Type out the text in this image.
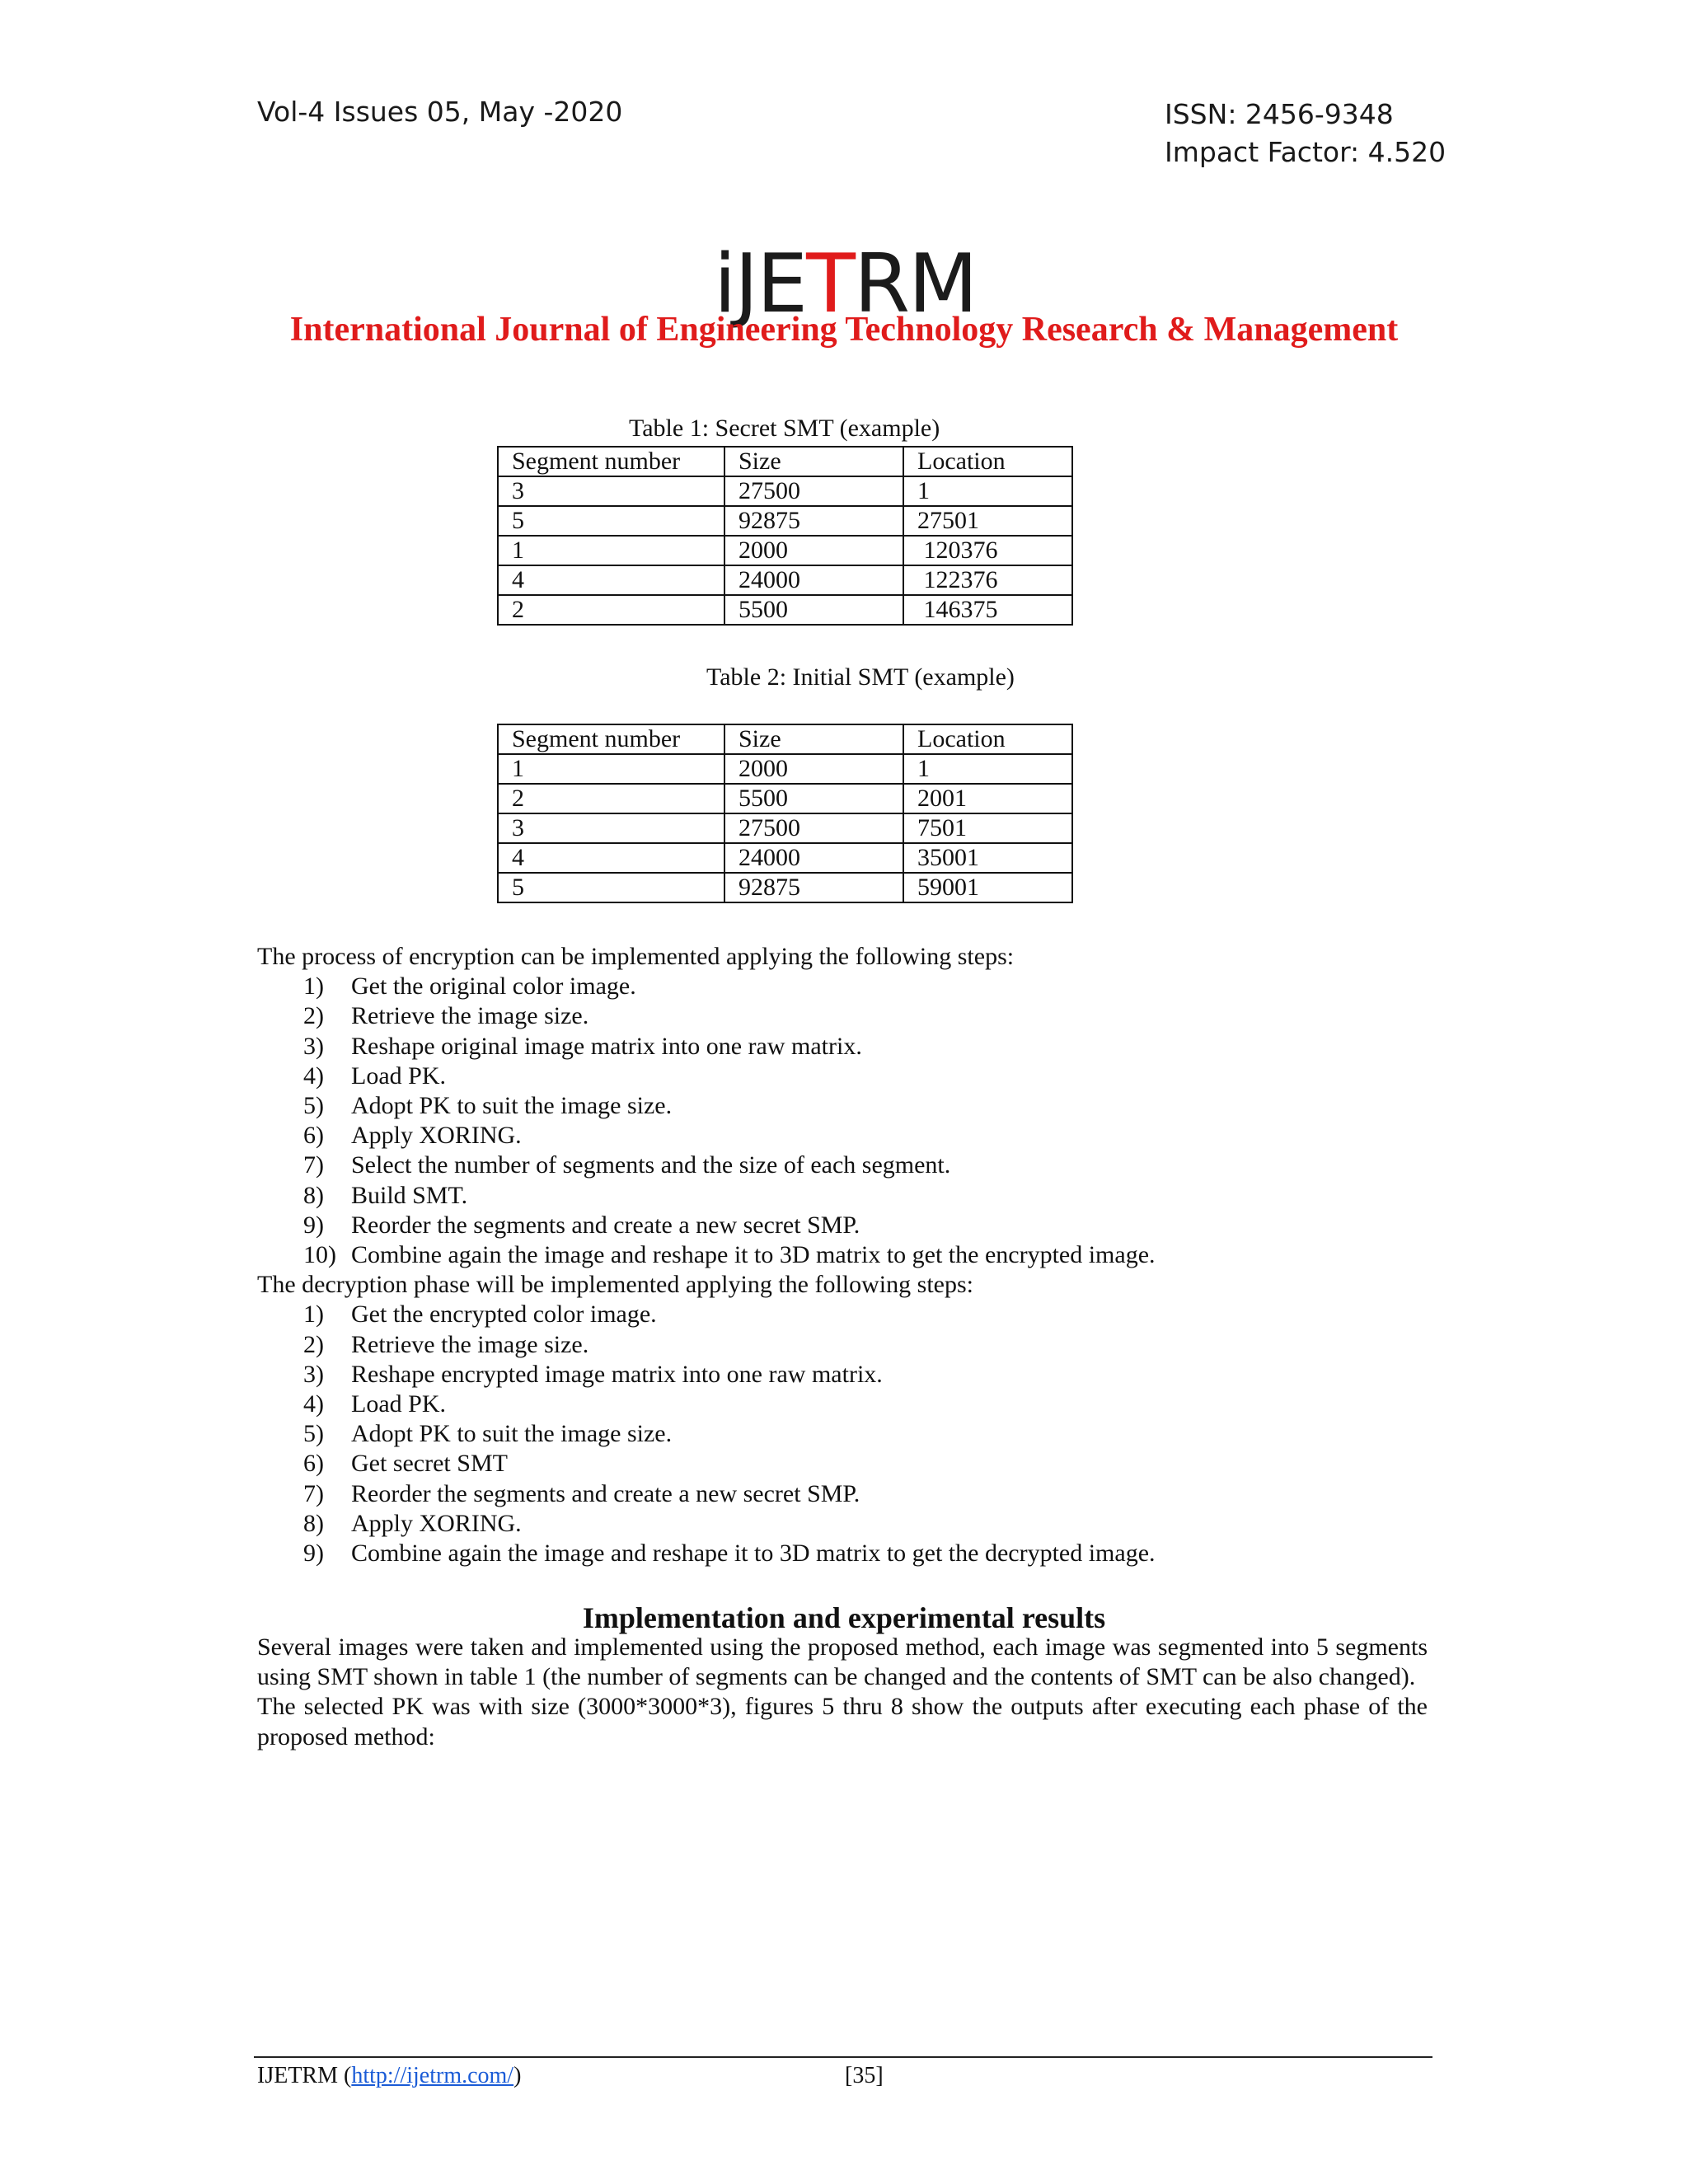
Vol-4 Issues 05, May -2020	ISSN: 2456-9348
Impact Factor: 4.520
iJETRM
International Journal of Engineering Technology Research & Management
Table 1: Secret SMT (example)
Segment number	Size	Location
3	27500	1
5	92875	27501
1	2000	120376
4	24000	122376
2	5500	146375
Table 2: Initial SMT (example)
Segment number	Size	Location
1	2000	1
2	5500	2001
3	27500	7501
4	24000	35001
5	92875	59001
The process of encryption can be implemented applying the following steps:
1) Get the original color image.
2) Retrieve the image size.
3) Reshape original image matrix into one raw matrix.
4) Load PK.
5) Adopt PK to suit the image size.
6) Apply XORING.
7) Select the number of segments and the size of each segment.
8) Build SMT.
9) Reorder the segments and create a new secret SMP.
10) Combine again the image and reshape it to 3D matrix to get the encrypted image.
The decryption phase will be implemented applying the following steps:
1) Get the encrypted color image.
2) Retrieve the image size.
3) Reshape encrypted image matrix into one raw matrix.
4) Load PK.
5) Adopt PK to suit the image size.
6) Get secret SMT
7) Reorder the segments and create a new secret SMP.
8) Apply XORING.
9) Combine again the image and reshape it to 3D matrix to get the decrypted image.
Implementation and experimental results
Several images were taken and implemented using the proposed method, each image was segmented into 5 segments using SMT shown in table 1 (the number of segments can be changed and the contents of SMT can be also changed).
The selected PK was with size (3000*3000*3), figures 5 thru 8 show the outputs after executing each phase of the proposed method:
IJETRM (http://ijetrm.com/)	[35]
